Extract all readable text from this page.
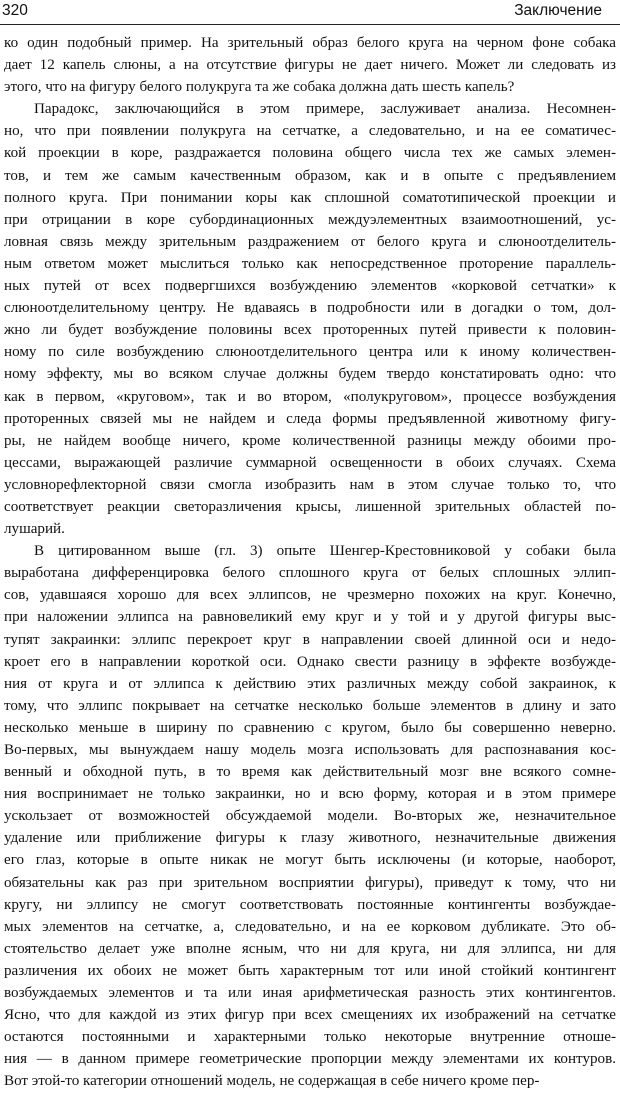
320	Заключение
ко один подобный пример. На зрительный образ белого круга на черном фоне собака
дает 12 капель слюны, а на отсутствие фигуры не дает ничего. Может ли следовать из
этого, что на фигуру белого полукруга та же собака должна дать шесть капель?
Парадокс, заключающийся в этом примере, заслуживает анализа. Несомнен-
но, что при появлении полукруга на сетчатке, а следовательно, и на ее соматичес-
кой проекции в коре, раздражается половина общего числа тех же самых элемен-
тов, и тем же самым качественным образом, как и в опыте с предъявлением
полного круга. При понимании коры как сплошной соматотипической проекции и
при отрицании в коре субординационных междуэлементных взаимоотношений, ус-
ловная связь между зрительным раздражением от белого круга и слюноотделитель-
ным ответом может мыслиться только как непосредственное проторение параллель-
ных путей от всех подвергшихся возбуждению элементов «корковой сетчатки» к
слюноотделительному центру. Не вдаваясь в подробности или в догадки о том, дол-
жно ли будет возбуждение половины всех проторенных путей привести к половин-
ному по силе возбуждению слюноотделительного центра или к иному количествен-
ному эффекту, мы во всяком случае должны будем твердо констатировать одно: что
как в первом, «круговом», так и во втором, «полукруговом», процессе возбуждения
проторенных связей мы не найдем и следа формы предъявленной животному фигу-
ры, не найдем вообще ничего, кроме количественной разницы между обоими про-
цессами, выражающей различие суммарной освещенности в обоих случаях. Схема
условнорефлекторной связи смогла изобразить нам в этом случае только то, что
соответствует реакции светоразличения крысы, лишенной зрительных областей по-
лушарий.
В цитированном выше (гл. 3) опыте Шенгер-Крестовниковой у собаки была
выработана дифференцировка белого сплошного круга от белых сплошных эллип-
сов, удавшаяся хорошо для всех эллипсов, не чрезмерно похожих на круг. Конечно,
при наложении эллипса на равновеликий ему круг и у той и у другой фигуры выс-
тупят закраинки: эллипс перекроет круг в направлении своей длинной оси и недо-
кроет его в направлении короткой оси. Однако свести разницу в эффекте возбужде-
ния от круга и от эллипса к действию этих различных между собой закраинок, к
тому, что эллипс покрывает на сетчатке несколько больше элементов в длину и зато
несколько меньше в ширину по сравнению с кругом, было бы совершенно неверно.
Во-первых, мы вынуждаем нашу модель мозга использовать для распознавания кос-
венный и обходной путь, в то время как действительный мозг вне всякого сомне-
ния воспринимает не только закраинки, но и всю форму, которая и в этом примере
ускользает от возможностей обсуждаемой модели. Во-вторых же, незначительное
удаление или приближение фигуры к глазу животного, незначительные движения
его глаз, которые в опыте никак не могут быть исключены (и которые, наоборот,
обязательны как раз при зрительном восприятии фигуры), приведут к тому, что ни
кругу, ни эллипсу не смогут соответствовать постоянные контингенты возбуждае-
мых элементов на сетчатке, а, следовательно, и на ее корковом дубликате. Это об-
стоятельство делает уже вполне ясным, что ни для круга, ни для эллипса, ни для
различения их обоих не может быть характерным тот или иной стойкий контингент
возбуждаемых элементов и та или иная арифметическая разность этих контингентов.
Ясно, что для каждой из этих фигур при всех смещениях их изображений на сетчатке
остаются постоянными и характерными только некоторые внутренние отноше-
ния — в данном примере геометрические пропорции между элементами их контуров.
Вот этой-то категории отношений модель, не содержащая в себе ничего кроме пер-
